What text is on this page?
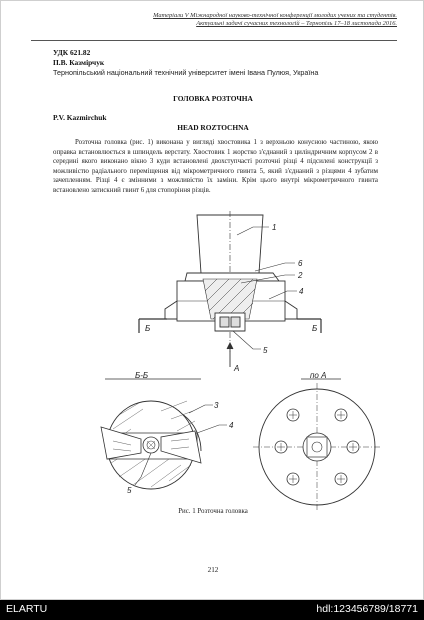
Матеріали V Міжнародної науково-технічної конференції молодих учених та студентів.
Актуальні задачі сучасних технологій – Тернопіль 17–18 листопада 2016.
УДК 621.82
П.В. Казмірчук
Тернопільський національний технічний університет імені Івана Пулюя, Україна
ГОЛОВКА РОЗТОЧНА
P.V. Kazmirchuk
HEAD ROZTOCHNA
Розточна головка (рис. 1) виконана у вигляді хвостовика 1 з верхньою конусною частиною, якою оправка встановлюється в шпиндель верстату. Хвостовик 1 жорстко з'єднаний з циліндричним корпусом 2 в середині якого виконано вікно 3 куди встановлені двохступчасті розточні різці 4 підсилені конструкції з можливістю радіального переміщення від мікрометричного гвинта 5, який з'єднаний з різцями 4 зубатим зачепленням. Різці 4 є змінними з можливістю їх заміни. Крім цього внутрі мікрометричного гвинта встановлено затискний гвинт 6 для стопоріння різців.
1
6
2
4
5
Б	Б
А
Б-Б	по А
3
4
5
Рис. 1 Розточна головка
212
ELARTU	hdl:123456789/18771
